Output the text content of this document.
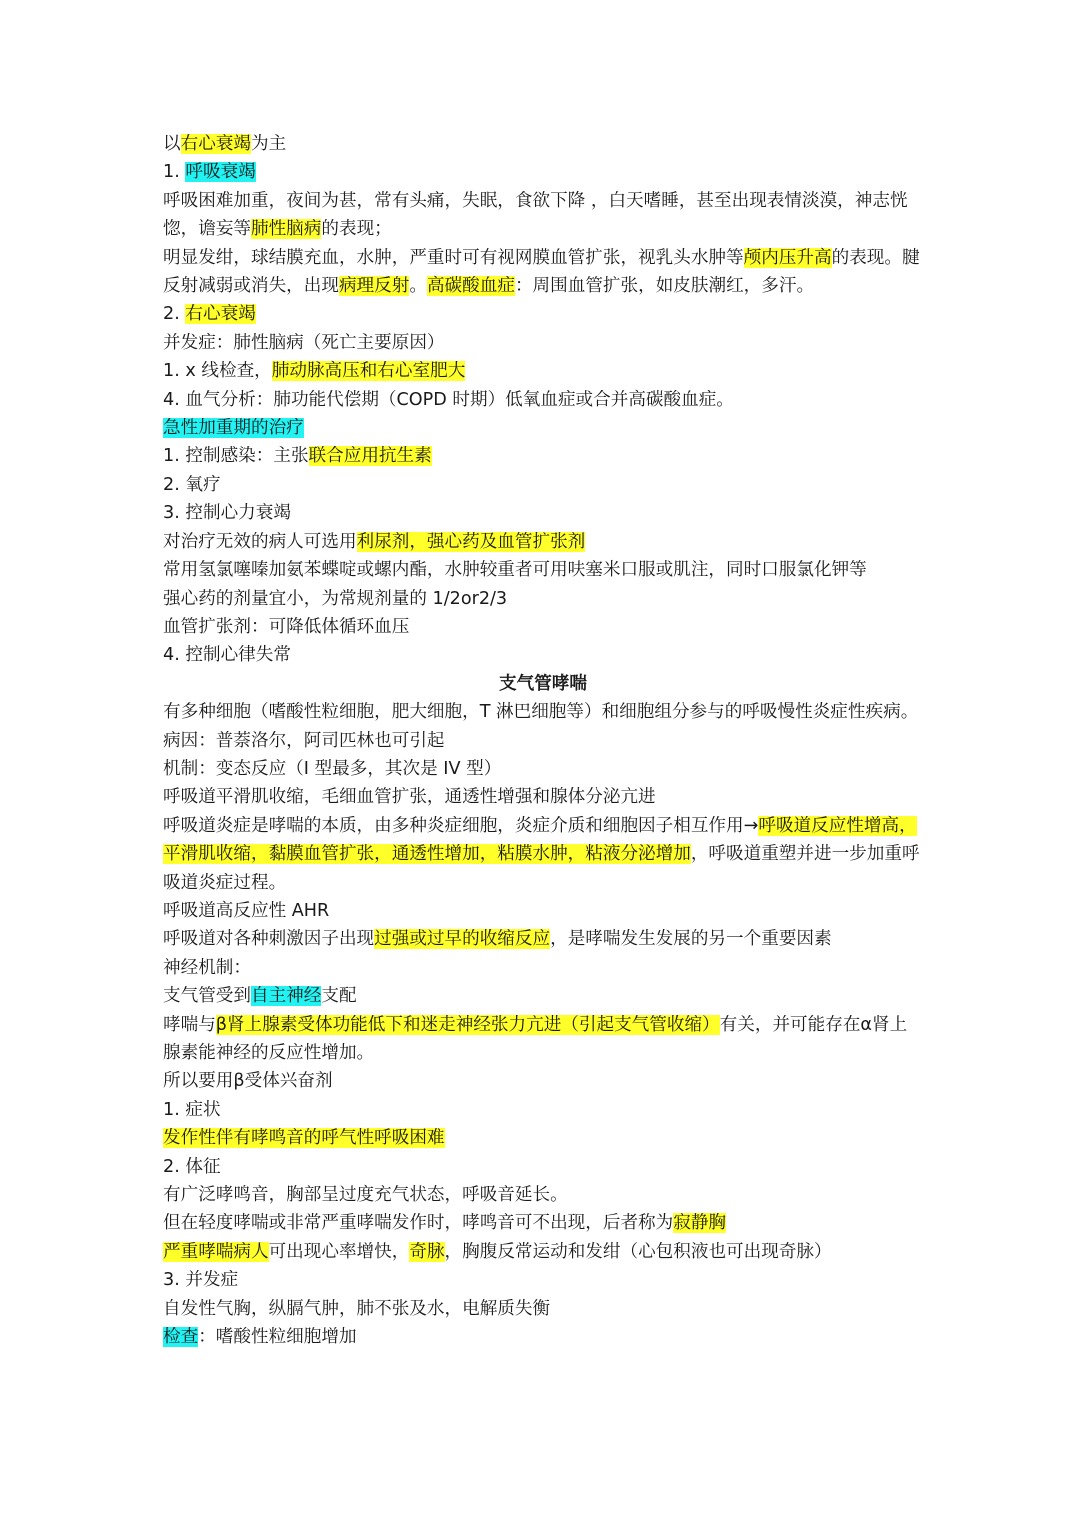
以右心衰竭为主

1. 呼吸衰竭

呼吸困难加重，夜间为甚，常有头痛，失眠，食欲下降 ，白天嗜睡，甚至出现表情淡漠，神志恍惚，谵妄等肺性脑病的表现；

明显发绀，球结膜充血，水肿，严重时可有视网膜血管扩张，视乳头水肿等颅内压升高的表现。腱反射减弱或消失，出现病理反射。高碳酸血症：周围血管扩张，如皮肤潮红，多汗。

2. 右心衰竭

并发症：肺性脑病（死亡主要原因）

1. x 线检查，肺动脉高压和右心室肥大

4. 血气分析：肺功能代偿期（COPD 时期）低氧血症或合并高碳酸血症。

急性加重期的治疗

1. 控制感染：主张联合应用抗生素

2. 氧疗

3. 控制心力衰竭

对治疗无效的病人可选用利尿剂，强心药及血管扩张剂

常用氢氯噻嗪加氨苯蝶啶或螺内酯，水肿较重者可用呋塞米口服或肌注，同时口服氯化钾等

强心药的剂量宜小，为常规剂量的 1/2or2/3

血管扩张剂：可降低体循环血压

4. 控制心律失常

支气管哮喘

有多种细胞（嗜酸性粒细胞，肥大细胞，T 淋巴细胞等）和细胞组分参与的呼吸慢性炎症性疾病。

病因：普萘洛尔，阿司匹林也可引起

机制：变态反应（I 型最多，其次是 IV 型）

呼吸道平滑肌收缩，毛细血管扩张，通透性增强和腺体分泌亢进

呼吸道炎症是哮喘的本质，由多种炎症细胞，炎症介质和细胞因子相互作用→呼吸道反应性增高，平滑肌收缩，黏膜血管扩张，通透性增加，粘膜水肿，粘液分泌增加，呼吸道重塑并进一步加重呼吸道炎症过程。

呼吸道高反应性 AHR

呼吸道对各种刺激因子出现过强或过早的收缩反应，是哮喘发生发展的另一个重要因素

神经机制：

支气管受到自主神经支配

哮喘与β肾上腺素受体功能低下和迷走神经张力亢进（引起支气管收缩）有关，并可能存在α肾上腺素能神经的反应性增加。

所以要用β受体兴奋剂

1. 症状

发作性伴有哮鸣音的呼气性呼吸困难

2. 体征

有广泛哮鸣音，胸部呈过度充气状态，呼吸音延长。

但在轻度哮喘或非常严重哮喘发作时，哮鸣音可不出现，后者称为寂静胸

严重哮喘病人可出现心率增快，奇脉，胸腹反常运动和发绀（心包积液也可出现奇脉）

3. 并发症

自发性气胸，纵膈气肿，肺不张及水，电解质失衡

检查：嗜酸性粒细胞增加
